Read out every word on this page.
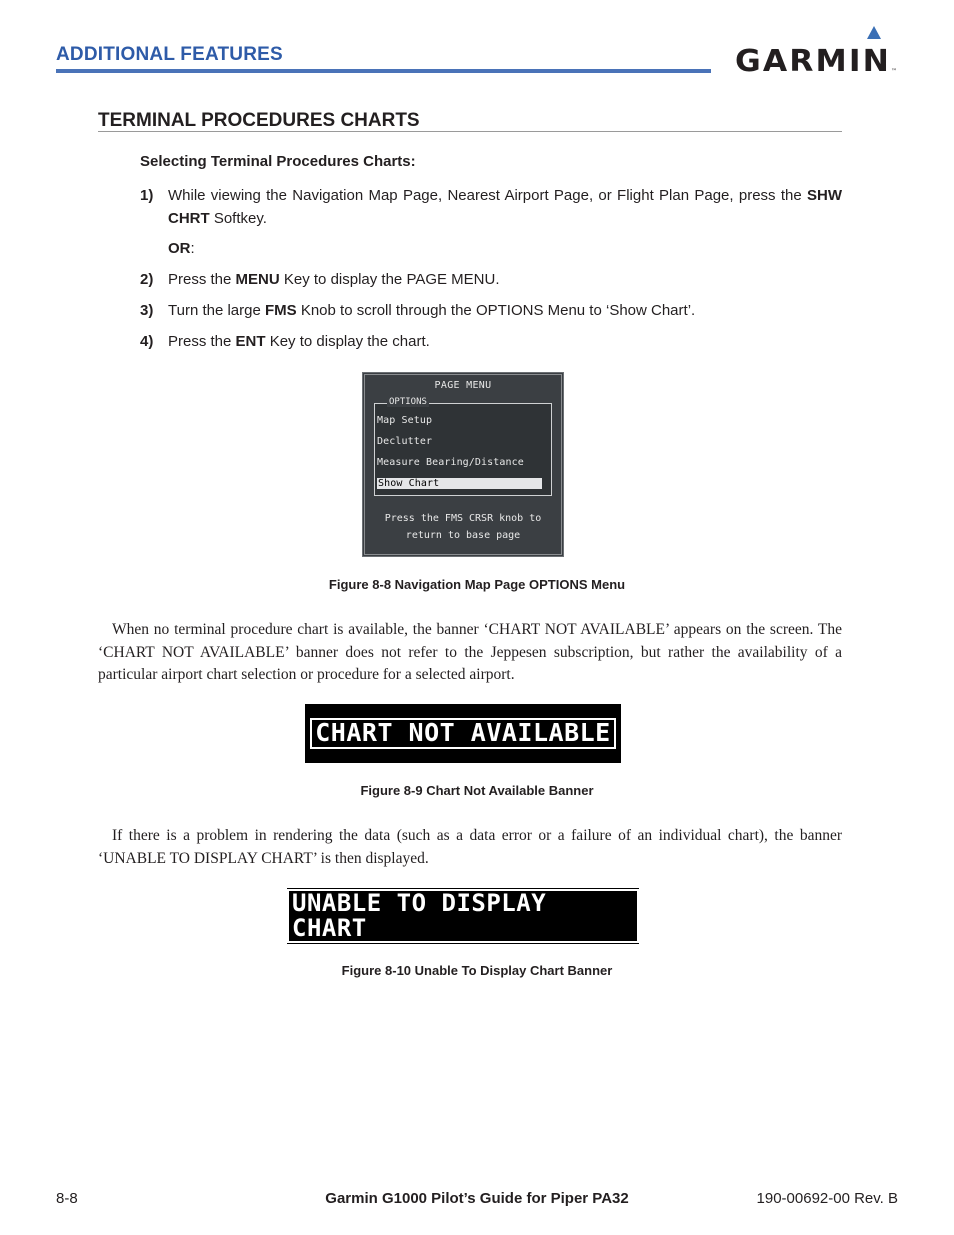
ADDITIONAL FEATURES	GARMIN ™
TERMINAL PROCEDURES CHARTS
Selecting Terminal Procedures Charts:
1) While viewing the Navigation Map Page, Nearest Airport Page, or Flight Plan Page, press the SHW CHRT Softkey.
OR:
2) Press the MENU Key to display the PAGE MENU.
3) Turn the large FMS Knob to scroll through the OPTIONS Menu to ‘Show Chart’.
4) Press the ENT Key to display the chart.
PAGE MENU
OPTIONS
Map Setup
Declutter
Measure Bearing/Distance
Show Chart
Press the FMS CRSR knob to
return to base page
Figure 8-8 Navigation Map Page OPTIONS Menu
When no terminal procedure chart is available, the banner ‘CHART NOT AVAILABLE’ appears on the screen. The ‘CHART NOT AVAILABLE’ banner does not refer to the Jeppesen subscription, but rather the availability of a particular airport chart selection or procedure for a selected airport.
CHART NOT AVAILABLE
Figure 8-9 Chart Not Available Banner
If there is a problem in rendering the data (such as a data error or a failure of an individual chart), the banner ‘UNABLE TO DISPLAY CHART’ is then displayed.
UNABLE TO DISPLAY CHART
Figure 8-10 Unable To Display Chart Banner
8-8	Garmin G1000 Pilot’s Guide for Piper PA32	190-00692-00 Rev. B
